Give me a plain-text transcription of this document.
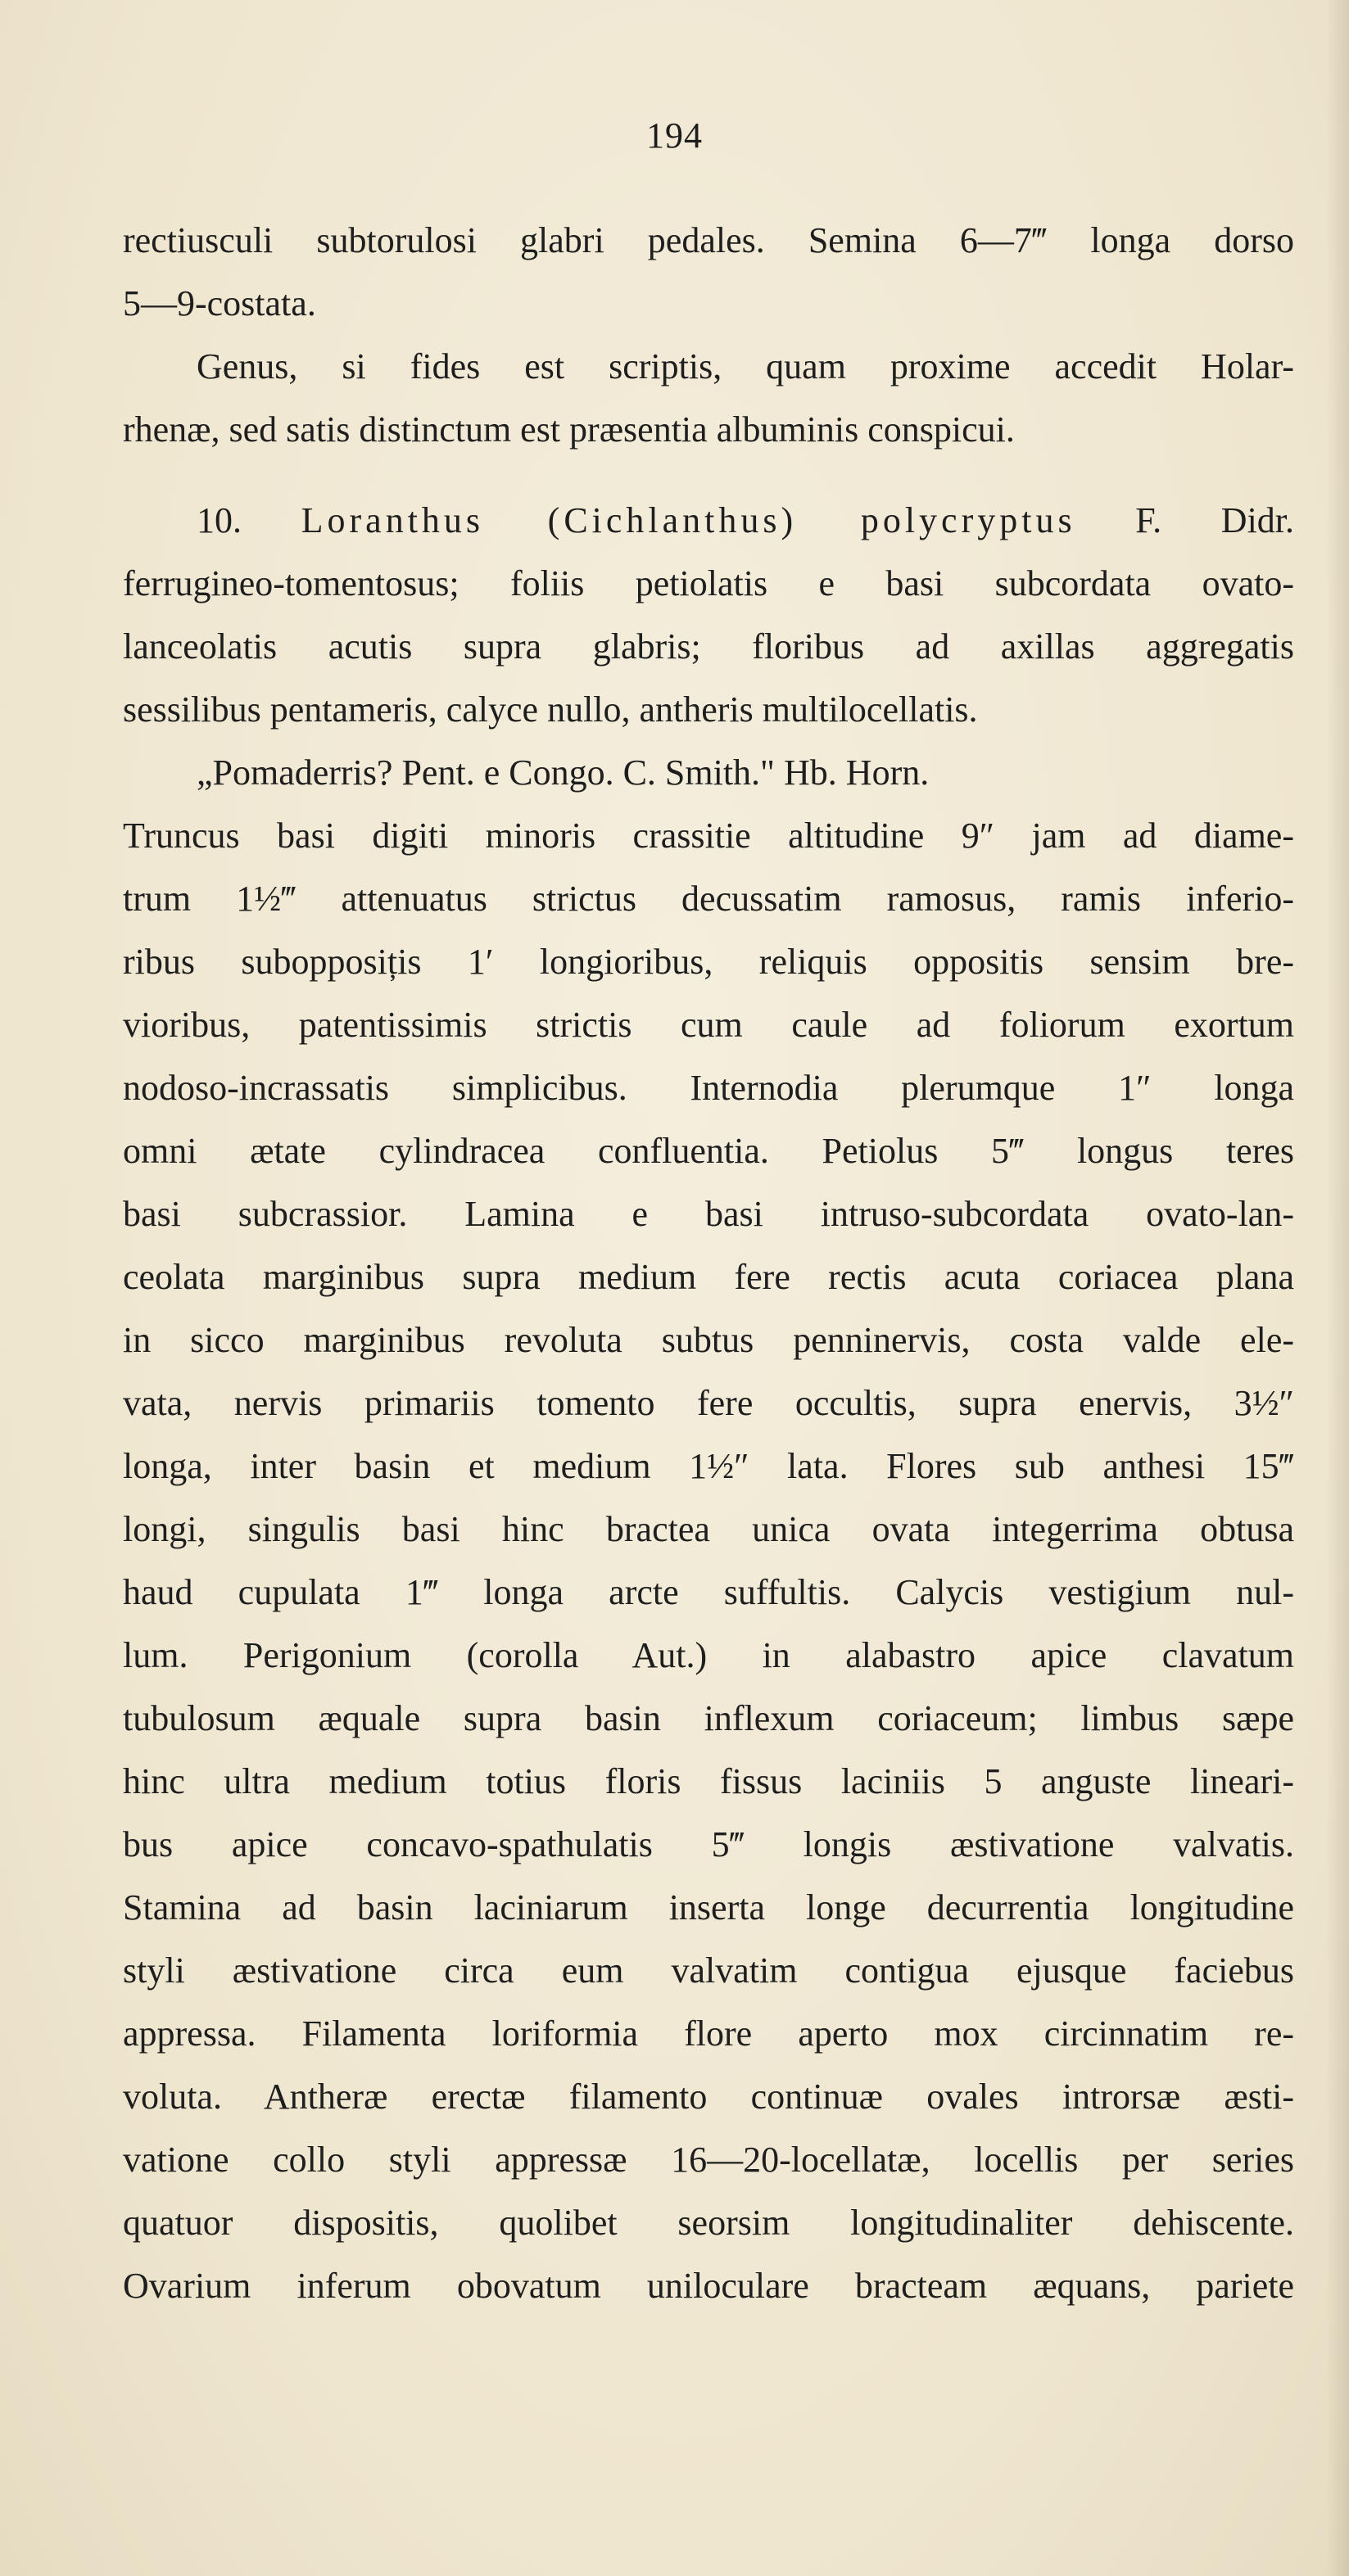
194
rectiusculi subtorulosi glabri pedales. Semina 6—7‴ longa dorso
5—9-costata.
Genus, si fides est scriptis, quam proxime accedit Holar-
rhenæ, sed satis distinctum est præsentia albuminis conspicui.
10. Loranthus (Cichlanthus) polycryptus F. Didr.
ferrugineo-tomentosus; foliis petiolatis e basi subcordata ovato-
lanceolatis acutis supra glabris; floribus ad axillas aggregatis
sessilibus pentameris, calyce nullo, antheris multilocellatis.
„Pomaderris? Pent. e Congo. C. Smith." Hb. Horn.
Truncus basi digiti minoris crassitie altitudine 9″ jam ad diame-
trum 1½‴ attenuatus strictus decussatim ramosus, ramis inferio-
ribus subopposițis 1′ longioribus, reliquis oppositis sensim bre-
vioribus, patentissimis strictis cum caule ad foliorum exortum
nodoso-incrassatis simplicibus. Internodia plerumque 1″ longa
omni ætate cylindracea confluentia. Petiolus 5‴ longus teres
basi subcrassior. Lamina e basi intruso-subcordata ovato-lan-
ceolata marginibus supra medium fere rectis acuta coriacea plana
in sicco marginibus revoluta subtus penninervis, costa valde ele-
vata, nervis primariis tomento fere occultis, supra enervis, 3½″
longa, inter basin et medium 1½″ lata. Flores sub anthesi 15‴
longi, singulis basi hinc bractea unica ovata integerrima obtusa
haud cupulata 1‴ longa arcte suffultis. Calycis vestigium nul-
lum. Perigonium (corolla Aut.) in alabastro apice clavatum
tubulosum æquale supra basin inflexum coriaceum; limbus sæpe
hinc ultra medium totius floris fissus laciniis 5 anguste lineari-
bus apice concavo-spathulatis 5‴ longis æstivatione valvatis.
Stamina ad basin laciniarum inserta longe decurrentia longitudine
styli æstivatione circa eum valvatim contigua ejusque faciebus
appressa. Filamenta loriformia flore aperto mox circinnatim re-
voluta. Antheræ erectæ filamento continuæ ovales introrsæ æsti-
vatione collo styli appressæ 16—20-locellatæ, locellis per series
quatuor dispositis, quolibet seorsim longitudinaliter dehiscente.
Ovarium inferum obovatum uniloculare bracteam æquans, pariete
